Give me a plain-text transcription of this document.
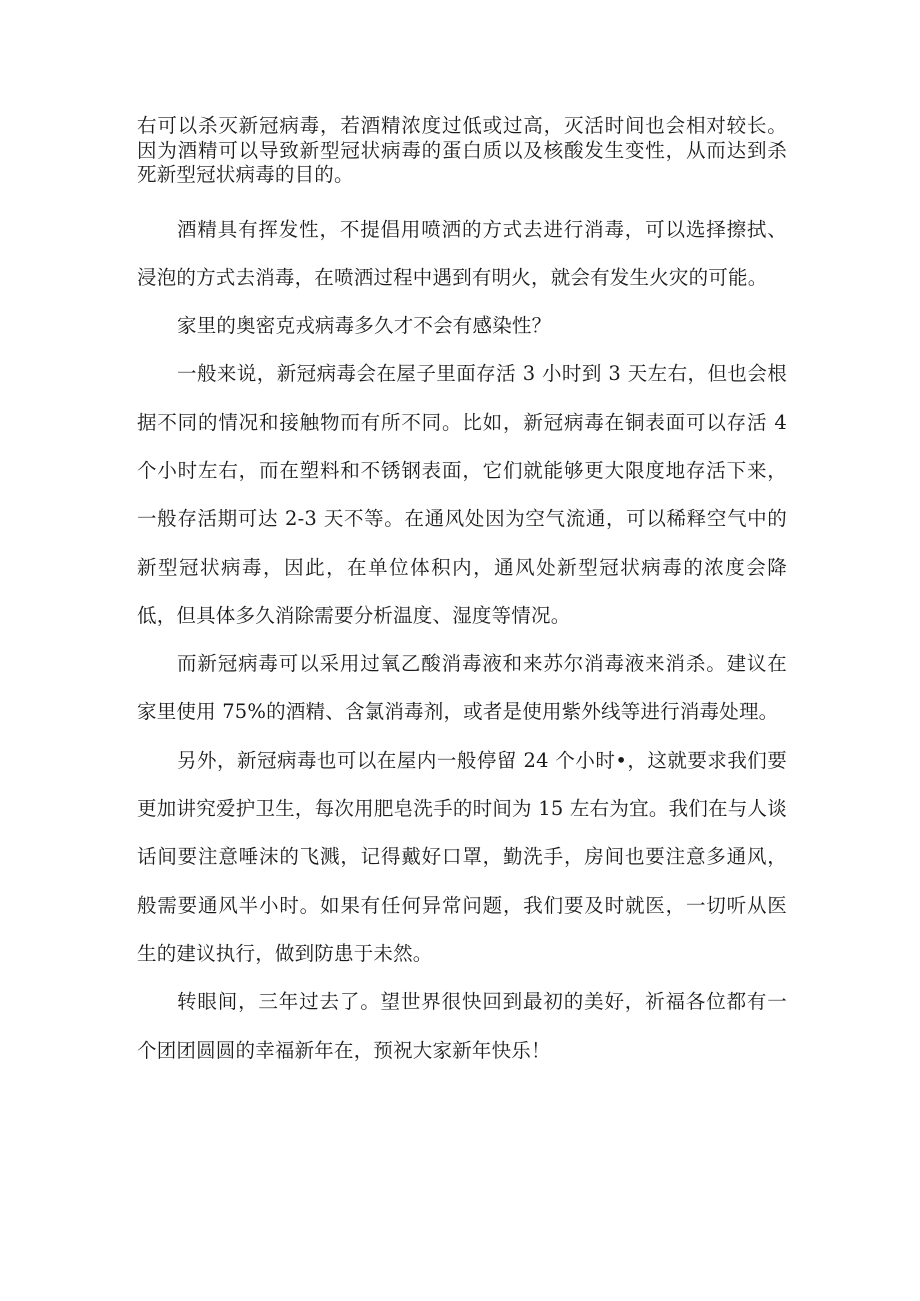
右可以杀灭新冠病毒，若酒精浓度过低或过高，灭活时间也会相对较长。因为酒精可以导致新型冠状病毒的蛋白质以及核酸发生变性，从而达到杀死新型冠状病毒的目的。

酒精具有挥发性，不提倡用喷洒的方式去进行消毒，可以选择擦拭、浸泡的方式去消毒，在喷洒过程中遇到有明火，就会有发生火灾的可能。

家里的奥密克戎病毒多久才不会有感染性？

一般来说，新冠病毒会在屋子里面存活 3 小时到 3 天左右，但也会根据不同的情况和接触物而有所不同。比如，新冠病毒在铜表面可以存活 4 个小时左右，而在塑料和不锈钢表面，它们就能够更大限度地存活下来，一般存活期可达 2-3 天不等。在通风处因为空气流通，可以稀释空气中的新型冠状病毒，因此，在单位体积内，通风处新型冠状病毒的浓度会降低，但具体多久消除需要分析温度、湿度等情况。

而新冠病毒可以采用过氧乙酸消毒液和来苏尔消毒液来消杀。建议在家里使用 75%的酒精、含氯消毒剂，或者是使用紫外线等进行消毒处理。

另外，新冠病毒也可以在屋内一般停留 24 个小时•，这就要求我们要更加讲究爱护卫生，每次用肥皂洗手的时间为 15 左右为宜。我们在与人谈话间要注意唾沫的飞溅，记得戴好口罩，勤洗手，房间也要注意多通风，般需要通风半小时。如果有任何异常问题，我们要及时就医，一切听从医生的建议执行，做到防患于未然。

转眼间，三年过去了。望世界很快回到最初的美好，祈福各位都有一个团团圆圆的幸福新年在，预祝大家新年快乐！
